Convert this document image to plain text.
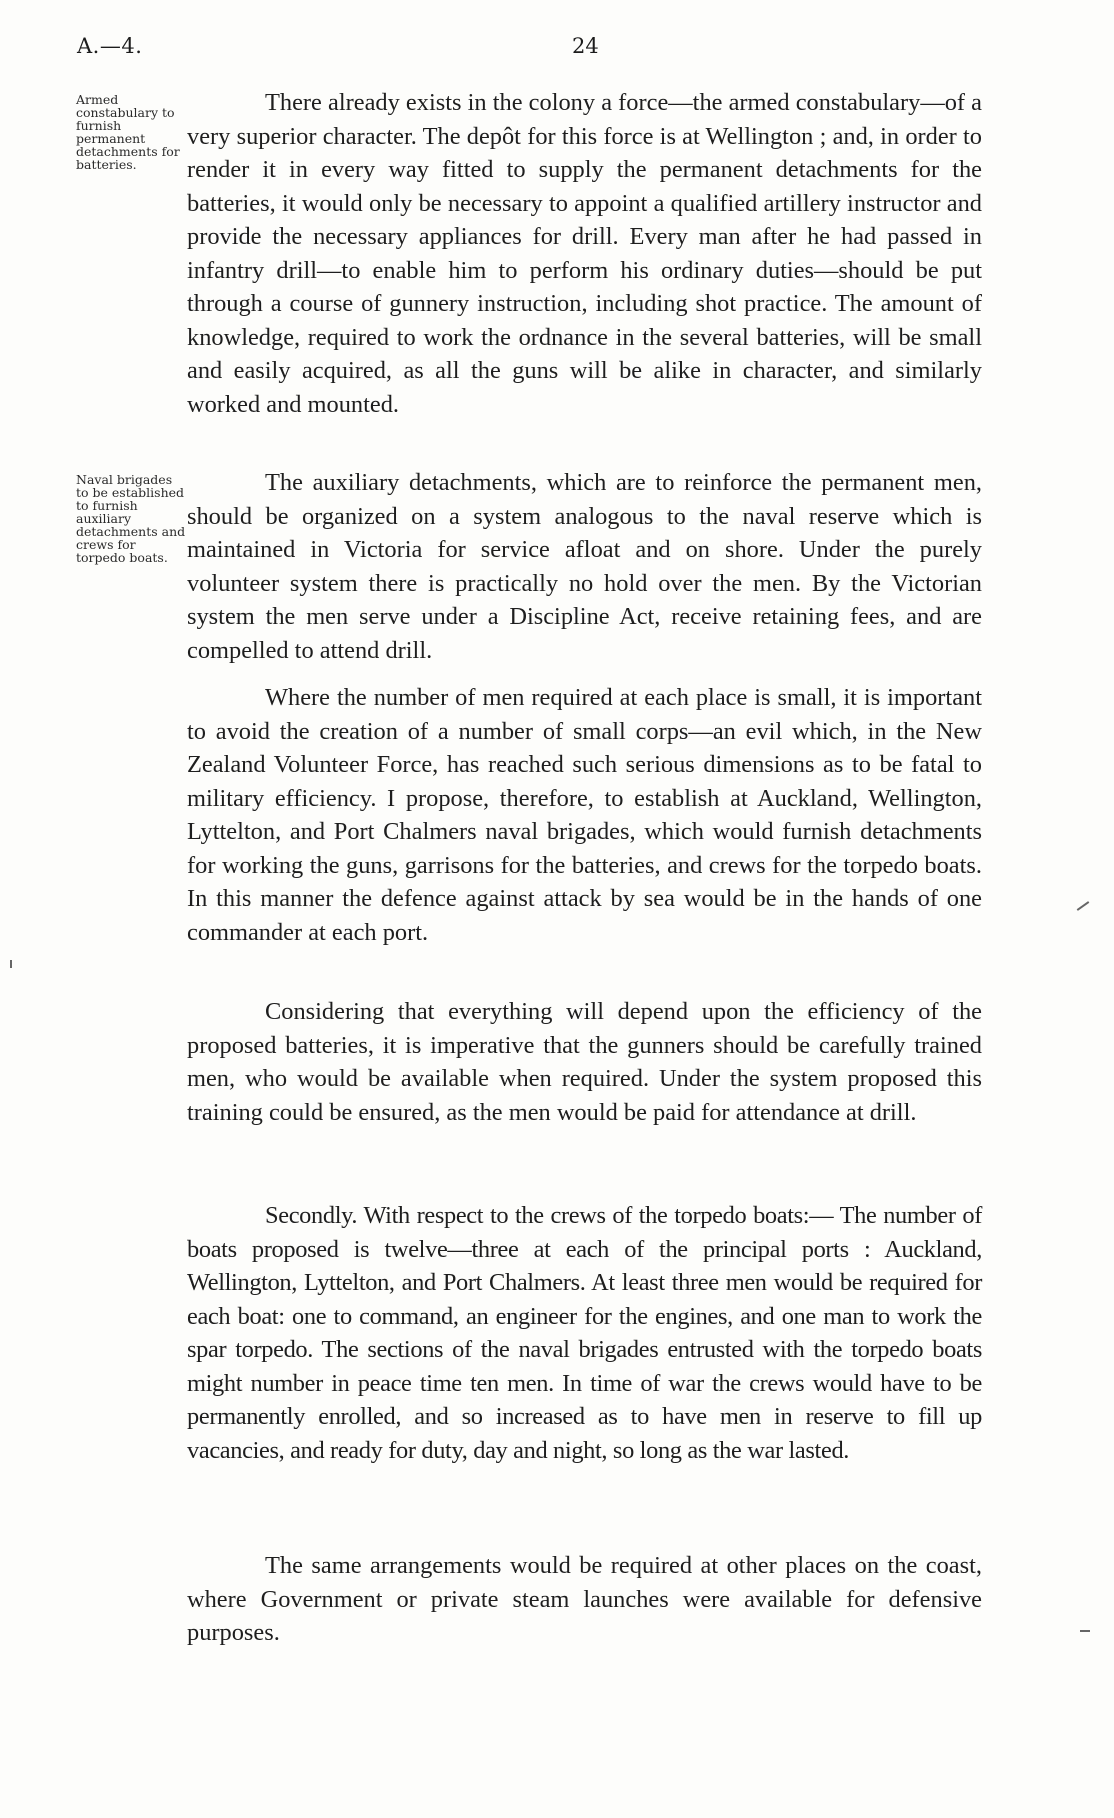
A.—4.	24
Armed constabulary to furnish permanent detachments for batteries.
Naval brigades to be established to furnish auxiliary detachments and crews for torpedo boats.

There already exists in the colony a force—the armed constabulary—of a very superior character. The depôt for this force is at Wellington ; and, in order to render it in every way fitted to supply the permanent detachments for the batteries, it would only be necessary to appoint a qualified artillery instructor and provide the necessary appliances for drill. Every man after he had passed in infantry drill—to enable him to perform his ordinary duties—should be put through a course of gunnery instruction, including shot practice. The amount of knowledge, required to work the ordnance in the several batteries, will be small and easily acquired, as all the guns will be alike in character, and similarly worked and mounted.

The auxiliary detachments, which are to reinforce the permanent men, should be organized on a system analogous to the naval reserve which is maintained in Victoria for service afloat and on shore. Under the purely volunteer system there is practically no hold over the men. By the Victorian system the men serve under a Discipline Act, receive retaining fees, and are compelled to attend drill.

Where the number of men required at each place is small, it is important to avoid the creation of a number of small corps—an evil which, in the New Zealand Volunteer Force, has reached such serious dimensions as to be fatal to military efficiency. I propose, therefore, to establish at Auckland, Wellington, Lyttelton, and Port Chalmers naval brigades, which would furnish detachments for working the guns, garrisons for the batteries, and crews for the torpedo boats. In this manner the defence against attack by sea would be in the hands of one commander at each port.

Considering that everything will depend upon the efficiency of the proposed batteries, it is imperative that the gunners should be carefully trained men, who would be available when required. Under the system proposed this training could be ensured, as the men would be paid for attendance at drill.

Secondly. With respect to the crews of the torpedo boats:— The number of boats proposed is twelve—three at each of the principal ports : Auckland, Wellington, Lyttelton, and Port Chalmers. At least three men would be required for each boat: one to command, an engineer for the engines, and one man to work the spar torpedo. The sections of the naval brigades entrusted with the torpedo boats might number in peace time ten men. In time of war the crews would have to be permanently enrolled, and so increased as to have men in reserve to fill up vacancies, and ready for duty, day and night, so long as the war lasted.

The same arrangements would be required at other places on the coast, where Government or private steam launches were available for defensive purposes.
